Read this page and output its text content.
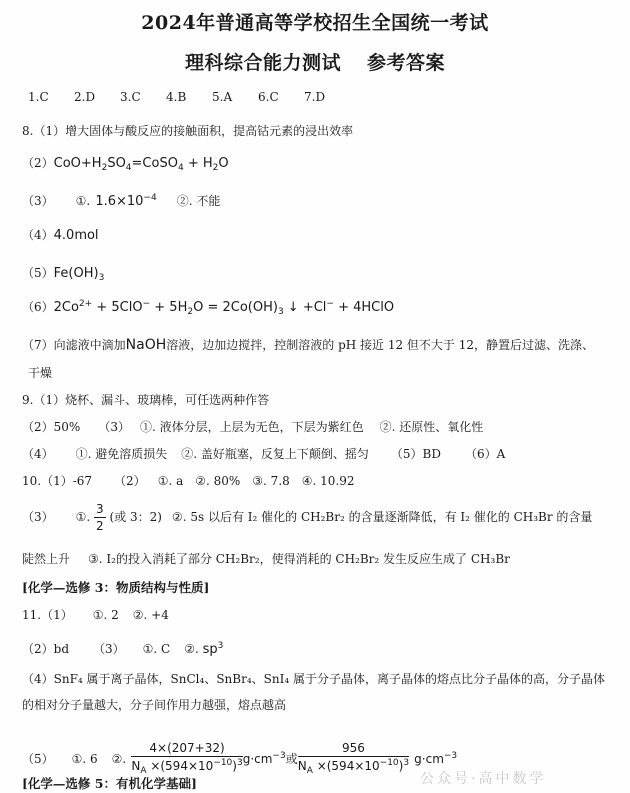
2024年普通高等学校招生全国统一考试
理科综合能力测试 参考答案
1.C 2.D 3.C 4.B 5.A 6.C 7.D
8.（1）增大固体与酸反应的接触面积，提高钴元素的浸出效率
$(2)CoO+H_2SO_4=CoSO_4 + H_2O$
（3） ①. $1.6\times 10^{-4}$ ②. 不能
（4）4.0mol
$(5)Fe(OH)_3$
$(6)2Co^{2+} + 5ClO^- + 5H_2O = 2Co(OH)_3$ ↓ +Cl− + 4HClO
（7）向滤液中滴加NaOH溶液，边加边搅拌，控制溶液的 pH 接近 12 但不大于 12，静置后过滤、洗涤、
干燥
9.（1）烧杯、漏斗、玻璃棒，可任选两种作答
（2）50% （3） ①. 液体分层，上层为无色，下层为紫红色 ②. 还原性、氧化性
（4） ①. 避免溶质损失 ②. 盖好瓶塞，反复上下颠倒、摇匀 （5）BD （6）A
10.（1）-67 （2） ①. a ②. 80% ③. 7.8 ④. 10.92
（3） ①. $\frac{3}{2}$ (或 3：2) ②. 5s 以后有 I₂ 催化的 CH₂Br₂ 的含量逐渐降低，有 I₂ 催化的 CH₃Br 的含量
陡然上升 ③. I₂的投入消耗了部分 CH₂Br₂，使得消耗的 CH₂Br₂ 发生反应生成了 CH₃Br
[化学—选修 3：物质结构与性质]
11.（1） ①. 2 ②. +4
（2）bd （3） ①. C ②. $sp^3$
（4）SnF₄ 属于离子晶体，SnCl₄、SnBr₄、SnI₄ 属于分子晶体，离子晶体的熔点比分子晶体的高，分子晶体
的相对分子量越大，分子间作用力越强，熔点越高
（5） ①. 6 ②. $\frac{4\times(207+32)}{N_A \times(594\times 10^{-10})^3} g\cdot cm^{-3}$或 $\frac{956}{N_A \times(594\times 10^{-10})^3} g\cdot cm^{-3}$
[化学—选修 5：有机化学基础]	公众号·高中数学
